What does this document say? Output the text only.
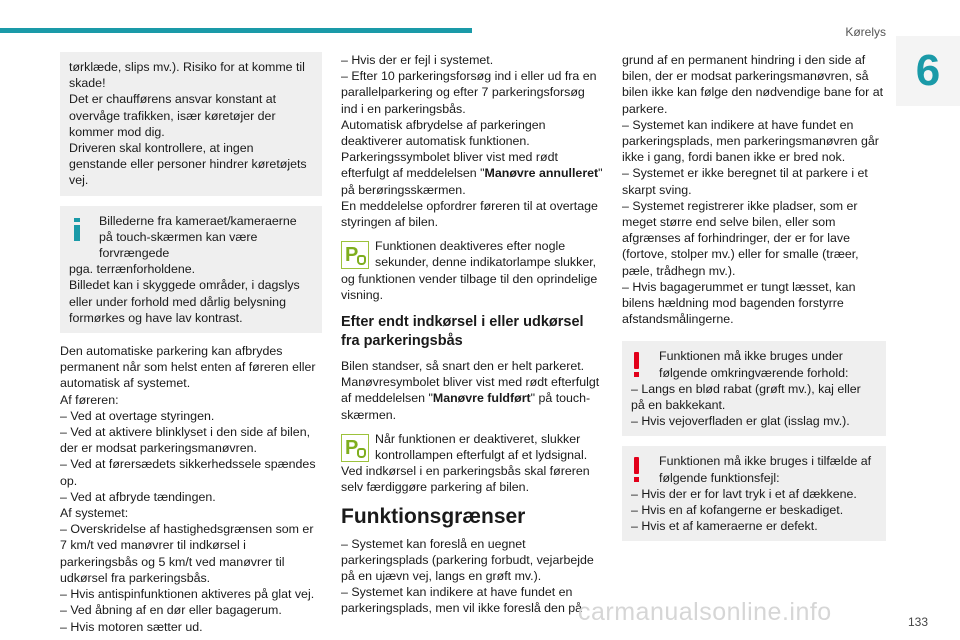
Kørelys
6

tørklæde, slips mv.). Risiko for at komme til skade!
Det er chaufførens ansvar konstant at overvåge trafikken, især køretøjer der kommer mod dig.
Driveren skal kontrollere, at ingen genstande eller personer hindrer køretøjets vej.

Billederne fra kameraet/kameraerne på touch-skærmen kan være forvrængede

pga. terrænforholdene.
Billedet kan i skyggede områder, i dagslys eller under forhold med dårlig belysning formørkes og have lav kontrast.

Den automatiske parkering kan afbrydes permanent når som helst enten af føreren eller automatisk af systemet.
Af føreren:
– Ved at overtage styringen.
– Ved at aktivere blinklyset i den side af bilen, der er modsat parkeringsmanøvren.
– Ved at førersædets sikkerhedssele spændes op.
– Ved at afbryde tændingen.
Af systemet:
– Overskridelse af hastighedsgrænsen som er 7 km/t ved manøvrer til indkørsel i parkeringsbås og 5 km/t ved manøvrer til udkørsel fra parkeringsbås.
– Hvis antispinfunktionen aktiveres på glat vej.
– Ved åbning af en dør eller bagagerum.
– Hvis motoren sætter ud.

– Hvis der er fejl i systemet.
– Efter 10 parkeringsforsøg ind i eller ud fra en parallelparkering og efter 7 parkeringsforsøg ind i en parkeringsbås.
Automatisk afbrydelse af parkeringen deaktiverer automatisk funktionen.
Parkeringssymbolet bliver vist med rødt efterfulgt af meddelelsen "Manøvre annulleret" på berøringsskærmen.
En meddelelse opfordrer føreren til at overtage styringen af bilen.

P	Funktionen deaktiveres efter nogle sekunder, denne indikatorlampe slukker, og funktionen vender tilbage til den oprindelige visning.

Efter endt indkørsel i eller udkørsel fra parkeringsbås

Bilen standser, så snart den er helt parkeret.
Manøvresymbolet bliver vist med rødt efterfulgt af meddelelsen "Manøvre fuldført" på touch-skærmen.

P	Når funktionen er deaktiveret, slukker kontrollampen efterfulgt af et lydsignal. Ved indkørsel i en parkeringsbås skal føreren selv færdiggøre parkering af bilen.

Funktionsgrænser

– Systemet kan foreslå en uegnet parkeringsplads (parkering forbudt, vejarbejde på en ujævn vej, langs en grøft mv.).
– Systemet kan indikere at have fundet en parkeringsplads, men vil ikke foreslå den på

grund af en permanent hindring i den side af bilen, der er modsat parkeringsmanøvren, så bilen ikke kan følge den nødvendige bane for at parkere.
– Systemet kan indikere at have fundet en parkeringsplads, men parkeringsmanøvren går ikke i gang, fordi banen ikke er bred nok.
– Systemet er ikke beregnet til at parkere i et skarpt sving.
– Systemet registrerer ikke pladser, som er meget større end selve bilen, eller som afgrænses af forhindringer, der er for lave (fortove, stolper mv.) eller for smalle (træer, pæle, trådhegn mv.).
– Hvis bagagerummet er tungt læsset, kan bilens hældning mod bagenden forstyrre afstandsmålingerne.

Funktionen må ikke bruges under følgende omkringværende forhold:

– Langs en blød rabat (grøft mv.), kaj eller på en bakkekant.
– Hvis vejoverfladen er glat (isslag mv.).

Funktionen må ikke bruges i tilfælde af følgende funktionsfejl:

– Hvis der er for lavt tryk i et af dækkene.
– Hvis en af kofangerne er beskadiget.
– Hvis et af kameraerne er defekt.

carmanualsonline.info	133
